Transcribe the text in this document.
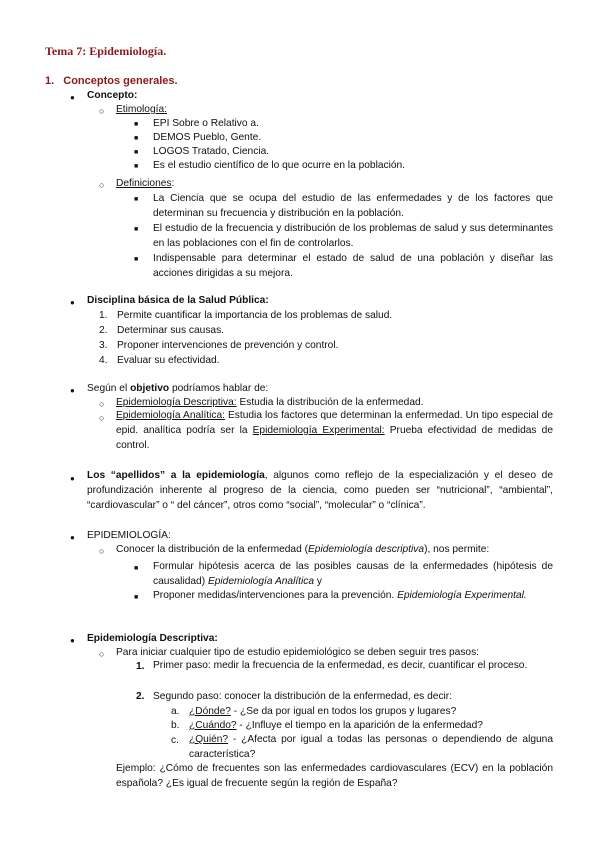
Tema 7: Epidemiología.
1. Conceptos generales.
● Concepto:
○ Etimología:
■ EPI Sobre o Relativo a.
■ DEMOS Pueblo, Gente.
■ LOGOS Tratado, Ciencia.
■ Es el estudio científico de lo que ocurre en la población.
○ Definiciones:
■ La Ciencia que se ocupa del estudio de las enfermedades y de los factores que determinan su frecuencia y distribución en la población.
■ El estudio de la frecuencia y distribución de los problemas de salud y sus determinantes en las poblaciones con el fin de controlarlos.
■ Indispensable para determinar el estado de salud de una población y diseñar las acciones dirigidas a su mejora.
● Disciplina básica de la Salud Pública:
1. Permite cuantificar la importancia de los problemas de salud.
2. Determinar sus causas.
3. Proponer intervenciones de prevención y control.
4. Evaluar su efectividad.
● Según el objetivo podríamos hablar de:
○ Epidemiología Descriptiva: Estudia la distribución de la enfermedad.
○ Epidemiología Analítica: Estudia los factores que determinan la enfermedad. Un tipo especial de epid. analítica podría ser la Epidemiología Experimental: Prueba efectividad de medidas de control.
● Los “apellidos” a la epidemiología, algunos como reflejo de la especialización y el deseo de profundización inherente al progreso de la ciencia, como pueden ser “nutricional”, “ambiental”, “cardiovascular” o “ del cáncer”, otros como “social”, “molecular” o “clínica”.
● EPIDEMIOLOGÍA:
○ Conocer la distribución de la enfermedad (Epidemiología descriptiva), nos permite:
■ Formular hipótesis acerca de las posibles causas de la enfermedades (hipótesis de causalidad) Epidemiología Analítica y
■ Proponer medidas/intervenciones para la prevención. Epidemiología Experimental.
● Epidemiología Descriptiva:
○ Para iniciar cualquier tipo de estudio epidemiológico se deben seguir tres pasos:
1. Primer paso: medir la frecuencia de la enfermedad, es decir, cuantificar el proceso.
2. Segundo paso: conocer la distribución de la enfermedad, es decir:
a. ¿Dónde? - ¿Se da por igual en todos los grupos y lugares?
b. ¿Cuándo? - ¿Influye el tiempo en la aparición de la enfermedad?
c. ¿Quién? - ¿Afecta por igual a todas las personas o dependiendo de alguna característica?
Ejemplo: ¿Cómo de frecuentes son las enfermedades cardiovasculares (ECV) en la población española? ¿Es igual de frecuente según la región de España?
